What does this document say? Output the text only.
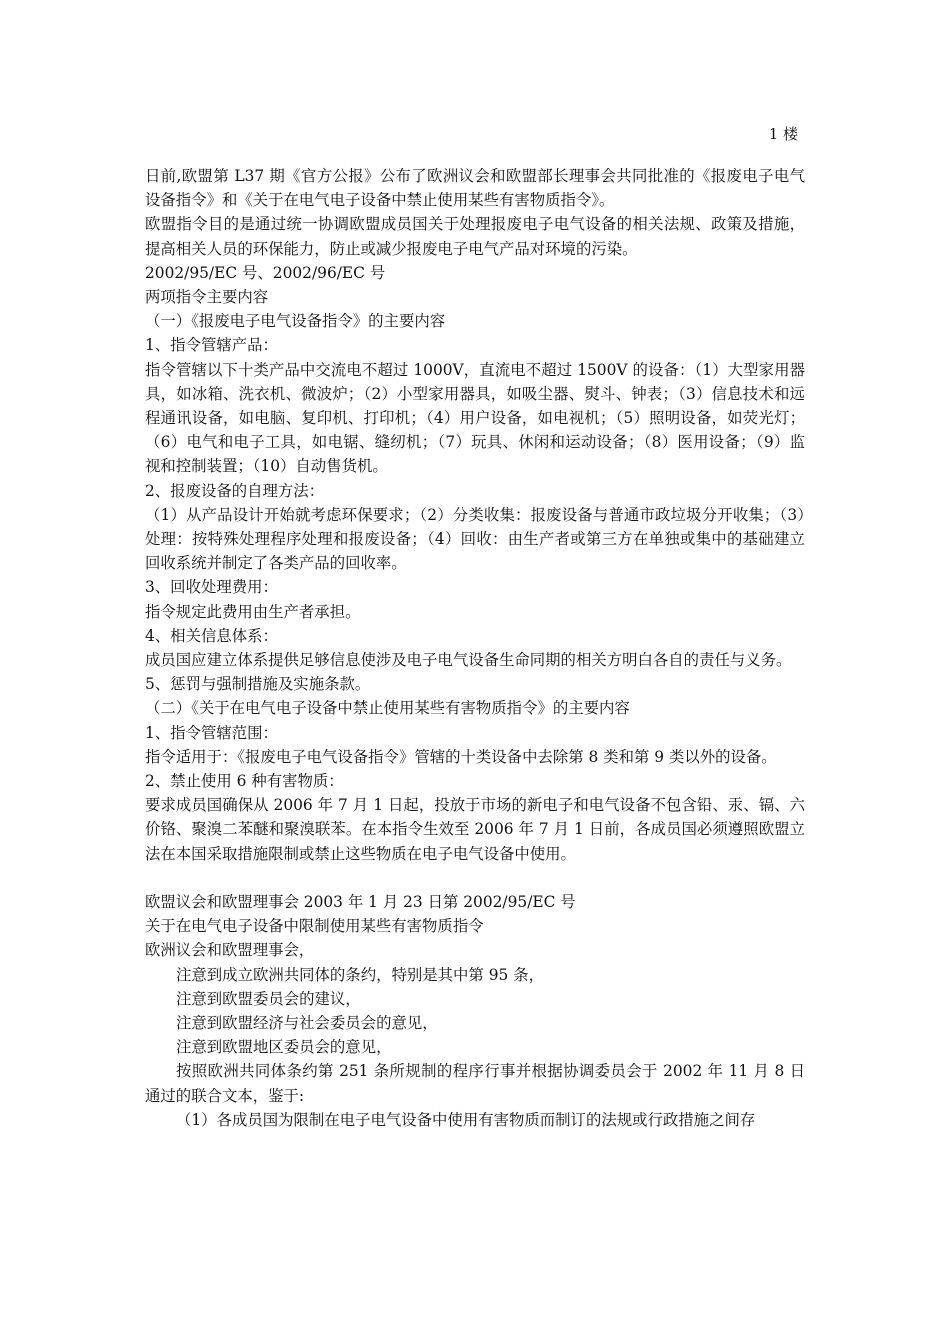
1 楼

日前,欧盟第 L37 期《官方公报》公布了欧洲议会和欧盟部长理事会共同批准的《报废电子电气设备指令》和《关于在电气电子设备中禁止使用某些有害物质指令》。

欧盟指令目的是通过统一协调欧盟成员国关于处理报废电子电气设备的相关法规、政策及措施，提高相关人员的环保能力，防止或减少报废电子电气产品对环境的污染。

2002/95/EC 号、2002/96/EC 号

两项指令主要内容

（一）《报废电子电气设备指令》的主要内容

1、指令管辖产品：

指令管辖以下十类产品中交流电不超过 1000V，直流电不超过 1500V 的设备：（1）大型家用器具，如冰箱、洗衣机、微波炉；（2）小型家用器具，如吸尘器、熨斗、钟表；（3）信息技术和远程通讯设备，如电脑、复印机、打印机；（4）用户设备，如电视机；（5）照明设备，如荧光灯；（6）电气和电子工具，如电锯、缝纫机；（7）玩具、休闲和运动设备；（8）医用设备；（9）监视和控制装置；（10）自动售货机。

2、报废设备的自理方法：

（1）从产品设计开始就考虑环保要求；（2）分类收集：报废设备与普通市政垃圾分开收集；（3）处理：按特殊处理程序处理和报废设备；（4）回收：由生产者或第三方在单独或集中的基础建立回收系统并制定了各类产品的回收率。

3、回收处理费用：

指令规定此费用由生产者承担。

4、相关信息体系：

成员国应建立体系提供足够信息使涉及电子电气设备生命同期的相关方明白各自的责任与义务。

5、惩罚与强制措施及实施条款。

（二）《关于在电气电子设备中禁止使用某些有害物质指令》的主要内容

1、指令管辖范围：

指令适用于：《报废电子电气设备指令》管辖的十类设备中去除第 8 类和第 9 类以外的设备。

2、禁止使用 6 种有害物质：

要求成员国确保从 2006 年 7 月 1 日起，投放于市场的新电子和电气设备不包含铅、汞、镉、六价铬、聚溴二苯醚和聚溴联苯。在本指令生效至 2006 年 7 月 1 日前，各成员国必须遵照欧盟立法在本国采取措施限制或禁止这些物质在电子电气设备中使用。

欧盟议会和欧盟理事会 2003 年 1 月 23 日第 2002/95/EC 号

关于在电气电子设备中限制使用某些有害物质指令

欧洲议会和欧盟理事会，

注意到成立欧洲共同体的条约，特别是其中第 95 条，

注意到欧盟委员会的建议，

注意到欧盟经济与社会委员会的意见，

注意到欧盟地区委员会的意见，

按照欧洲共同体条约第 251 条所规制的程序行事并根据协调委员会于 2002 年 11 月 8 日通过的联合文本，鉴于:

（1）各成员国为限制在电子电气设备中使用有害物质而制订的法规或行政措施之间存
